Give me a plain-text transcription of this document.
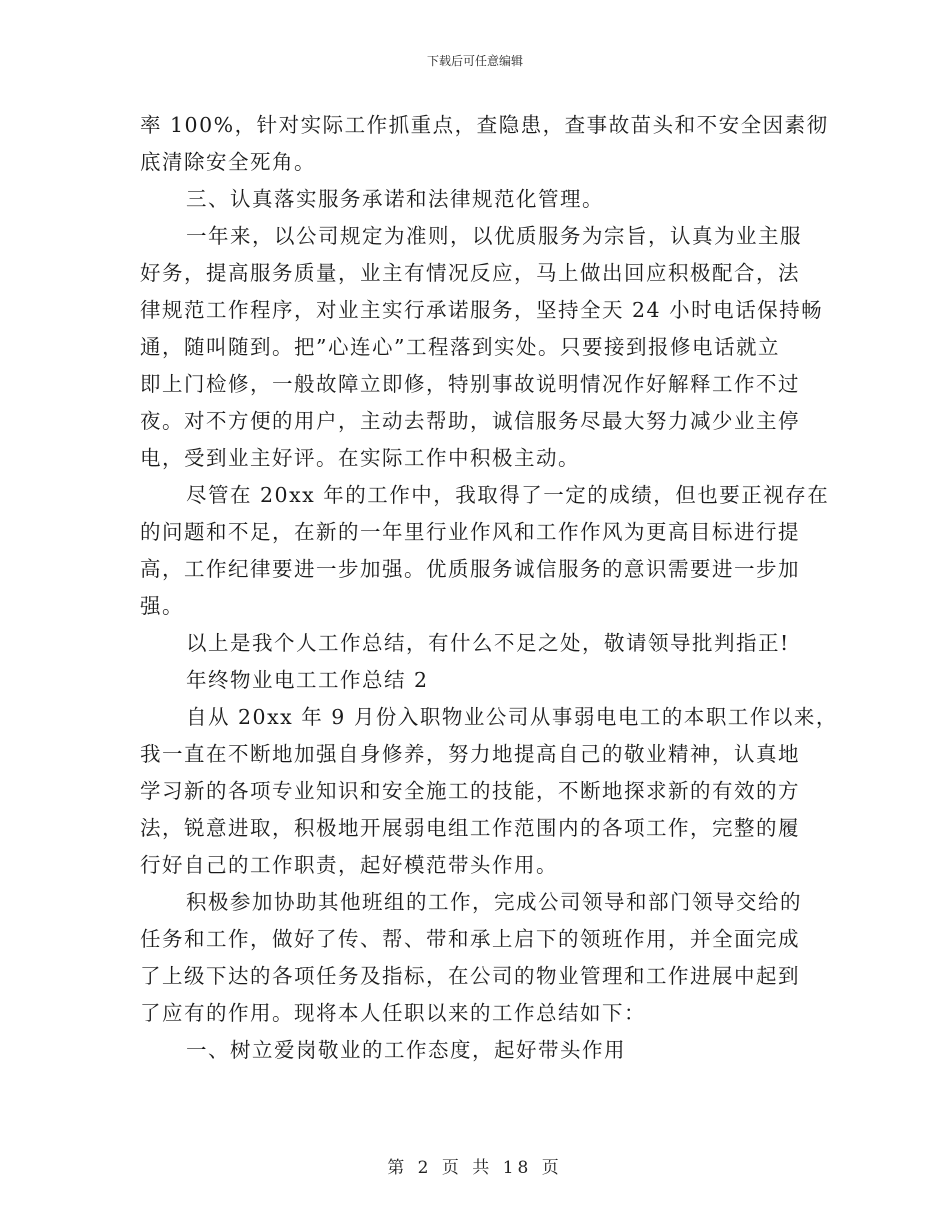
下载后可任意编辑
率 100%，针对实际工作抓重点，查隐患，查事故苗头和不安全因素彻
底清除安全死角。
三、认真落实服务承诺和法律规范化管理。
一年来，以公司规定为准则，以优质服务为宗旨，认真为业主服
好务，提高服务质量，业主有情况反应，马上做出回应积极配合，法
律规范工作程序，对业主实行承诺服务，坚持全天 24 小时电话保持畅
通，随叫随到。把”心连心”工程落到实处。只要接到报修电话就立
即上门检修，一般故障立即修，特别事故说明情况作好解释工作不过
夜。对不方便的用户，主动去帮助，诚信服务尽最大努力减少业主停
电，受到业主好评。在实际工作中积极主动。
尽管在 20xx 年的工作中，我取得了一定的成绩，但也要正视存在
的问题和不足，在新的一年里行业作风和工作作风为更高目标进行提
高，工作纪律要进一步加强。优质服务诚信服务的意识需要进一步加
强。
以上是我个人工作总结，有什么不足之处，敬请领导批判指正!
年终物业电工工作总结 2
自从 20xx 年 9 月份入职物业公司从事弱电电工的本职工作以来，
我一直在不断地加强自身修养，努力地提高自己的敬业精神，认真地
学习新的各项专业知识和安全施工的技能，不断地探求新的有效的方
法，锐意进取，积极地开展弱电组工作范围内的各项工作，完整的履
行好自己的工作职责，起好模范带头作用。
积极参加协助其他班组的工作，完成公司领导和部门领导交给的
任务和工作，做好了传、帮、带和承上启下的领班作用，并全面完成
了上级下达的各项任务及指标，在公司的物业管理和工作进展中起到
了应有的作用。现将本人任职以来的工作总结如下：
一、树立爱岗敬业的工作态度，起好带头作用
第 2 页 共 18 页
